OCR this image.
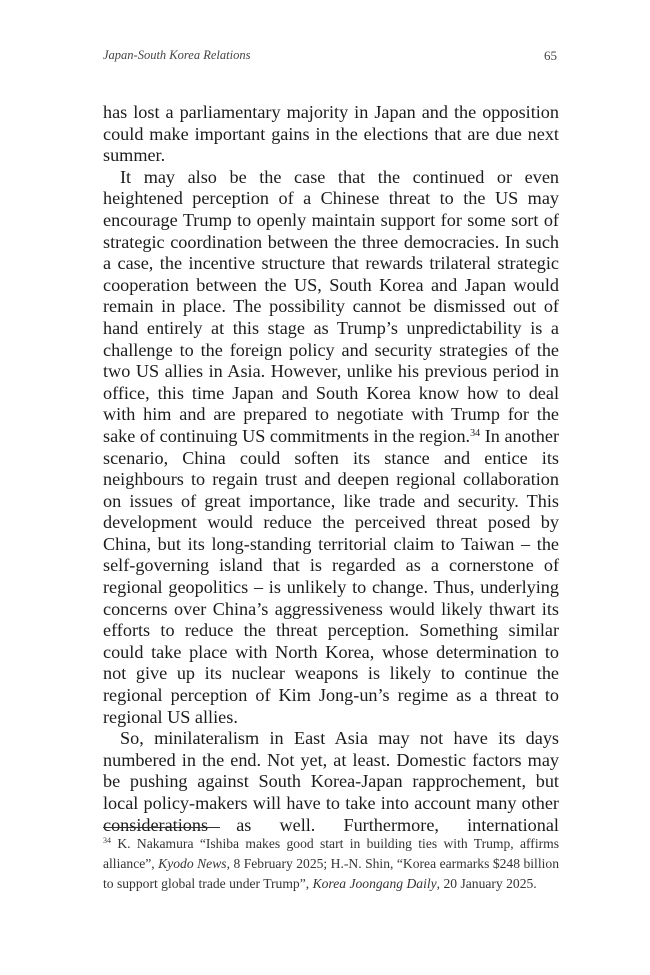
Japan-South Korea Relations	65

has lost a parliamentary majority in Japan and the opposition could make important gains in the elections that are due next summer.

It may also be the case that the continued or even heightened perception of a Chinese threat to the US may encourage Trump to openly maintain support for some sort of strategic coordination between the three democracies. In such a case, the incentive structure that rewards trilateral strategic cooperation between the US, South Korea and Japan would remain in place. The possibility cannot be dismissed out of hand entirely at this stage as Trump’s unpredictability is a challenge to the foreign policy and security strategies of the two US allies in Asia. However, unlike his previous period in office, this time Japan and South Korea know how to deal with him and are prepared to negotiate with Trump for the sake of continuing US commitments in the region.$^{34}$ In another scenario, China could soften its stance and entice its neighbours to regain trust and deepen regional collaboration on issues of great importance, like trade and security. This development would reduce the perceived threat posed by China, but its long-standing territorial claim to Taiwan – the self-governing island that is regarded as a cornerstone of regional geopolitics – is unlikely to change. Thus, underlying concerns over China’s aggressiveness would likely thwart its efforts to reduce the threat perception. Something similar could take place with North Korea, whose determination to not give up its nuclear weapons is likely to continue the regional perception of Kim Jong-un’s regime as a threat to regional US allies.

So, minilateralism in East Asia may not have its days numbered in the end. Not yet, at least. Domestic factors may be pushing against South Korea-Japan rapprochement, but local policy-makers will have to take into account many other considerations as well. Furthermore, international

$^{34}$ K. Nakamura “Ishiba makes good start in building ties with Trump, affirms alliance”, Kyodo News, 8 February 2025; H.-N. Shin, “Korea earmarks $248 billion to support global trade under Trump”, Korea Joongang Daily, 20 January 2025.
